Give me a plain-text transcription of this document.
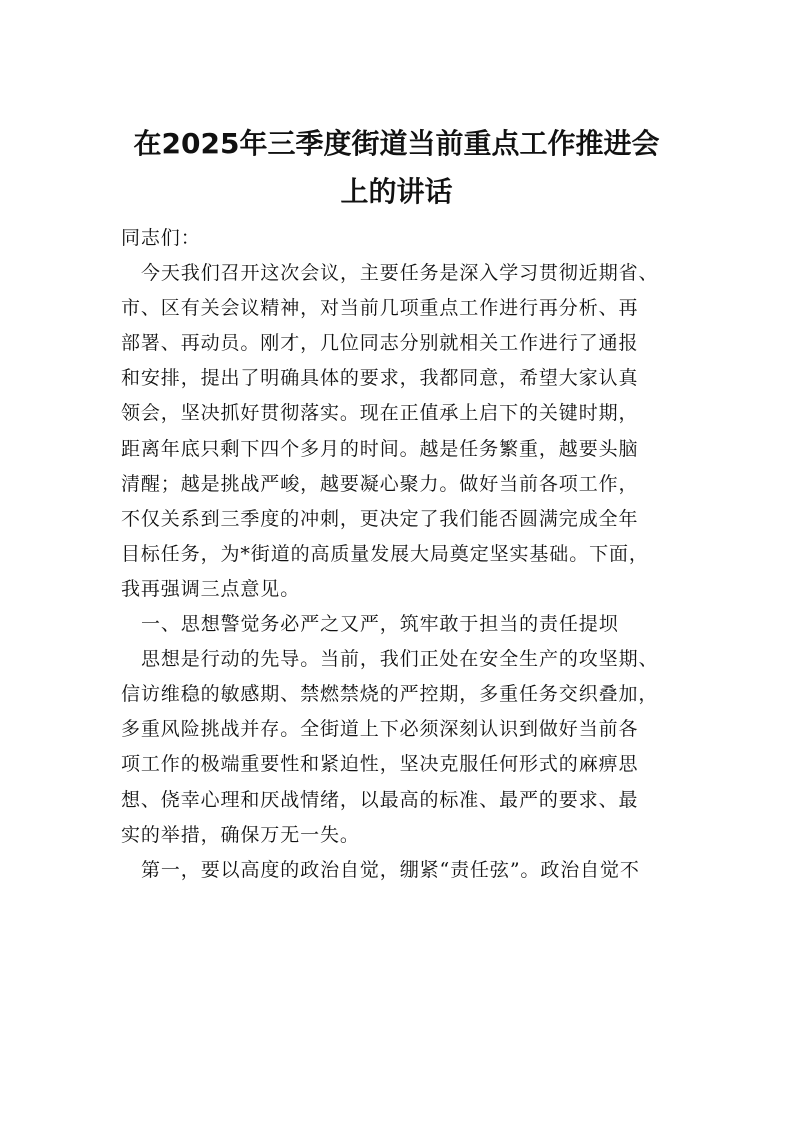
在2025年三季度街道当前重点工作推进会
上的讲话
同志们：
今天我们召开这次会议，主要任务是深入学习贯彻近期省、
市、区有关会议精神，对当前几项重点工作进行再分析、再
部署、再动员。刚才，几位同志分别就相关工作进行了通报
和安排，提出了明确具体的要求，我都同意，希望大家认真
领会，坚决抓好贯彻落实。现在正值承上启下的关键时期，
距离年底只剩下四个多月的时间。越是任务繁重，越要头脑
清醒；越是挑战严峻，越要凝心聚力。做好当前各项工作，
不仅关系到三季度的冲刺，更决定了我们能否圆满完成全年
目标任务，为*街道的高质量发展大局奠定坚实基础。下面，
我再强调三点意见。
一、思想警觉务必严之又严，筑牢敢于担当的责任提坝
思想是行动的先导。当前，我们正处在安全生产的攻坚期、
信访维稳的敏感期、禁燃禁烧的严控期，多重任务交织叠加，
多重风险挑战并存。全街道上下必须深刻认识到做好当前各
项工作的极端重要性和紧迫性，坚决克服任何形式的麻痹思
想、侥幸心理和厌战情绪，以最高的标准、最严的要求、最
实的举措，确保万无一失。
第一，要以高度的政治自觉，绷紧“责任弦”。政治自觉不
